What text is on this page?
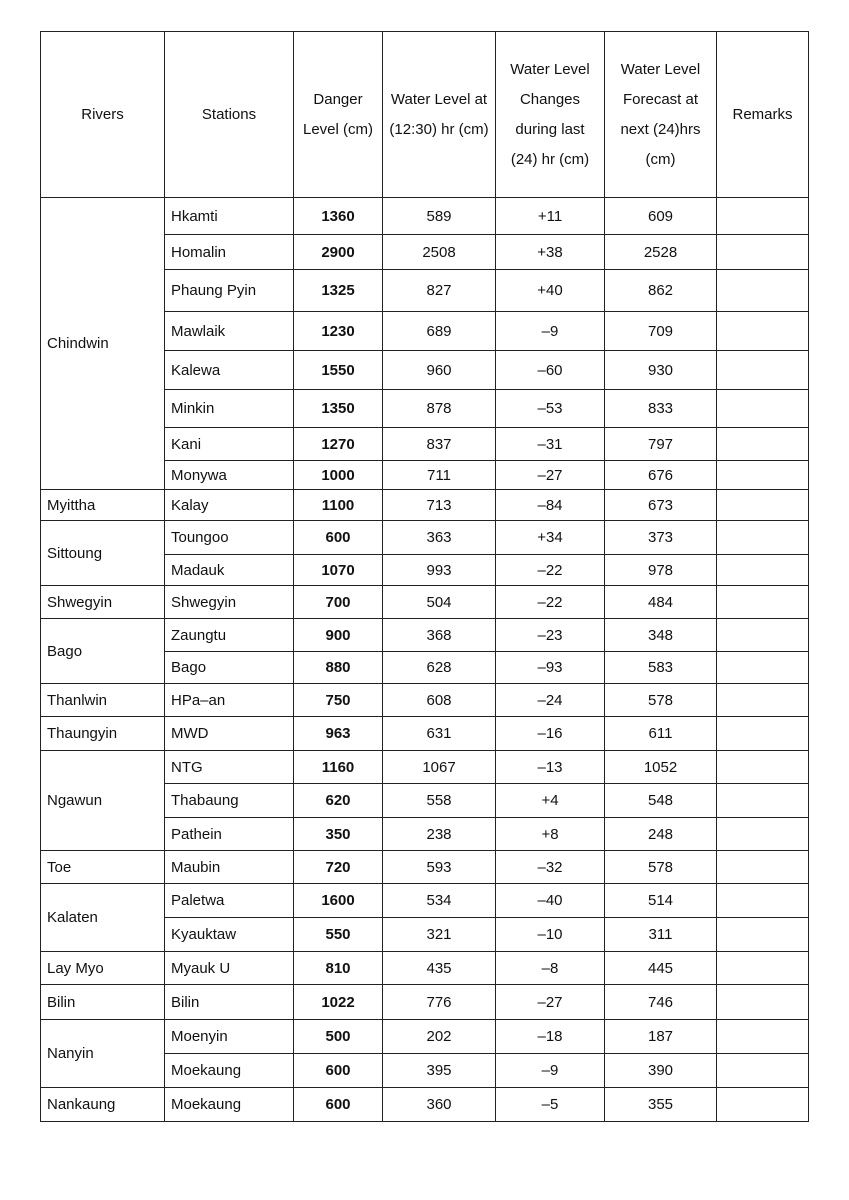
Rivers	Stations	Danger Level (cm)	Water Level at (12:30) hr (cm)	Water Level Changes during last (24) hr (cm)	Water Level Forecast at next (24)hrs (cm)	Remarks
Chindwin	Hkamti	1360	589	+11	609	
	Homalin	2900	2508	+38	2528	
	Phaung Pyin	1325	827	+40	862	
	Mawlaik	1230	689	–9	709	
	Kalewa	1550	960	–60	930	
	Minkin	1350	878	–53	833	
	Kani	1270	837	–31	797	
	Monywa	1000	711	–27	676	
Myittha	Kalay	1100	713	–84	673	
Sittoung	Toungoo	600	363	+34	373	
	Madauk	1070	993	–22	978	
Shwegyin	Shwegyin	700	504	–22	484	
Bago	Zaungtu	900	368	–23	348	
	Bago	880	628	–93	583	
Thanlwin	HPa–an	750	608	–24	578	
Thaungyin	MWD	963	631	–16	611	
Ngawun	NTG	1160	1067	–13	1052	
	Thabaung	620	558	+4	548	
	Pathein	350	238	+8	248	
Toe	Maubin	720	593	–32	578	
Kalaten	Paletwa	1600	534	–40	514	
	Kyauktaw	550	321	–10	311	
Lay Myo	Myauk U	810	435	–8	445	
Bilin	Bilin	1022	776	–27	746	
Nanyin	Moenyin	500	202	–18	187	
	Moekaung	600	395	–9	390	
Nankaung	Moekaung	600	360	–5	355	
